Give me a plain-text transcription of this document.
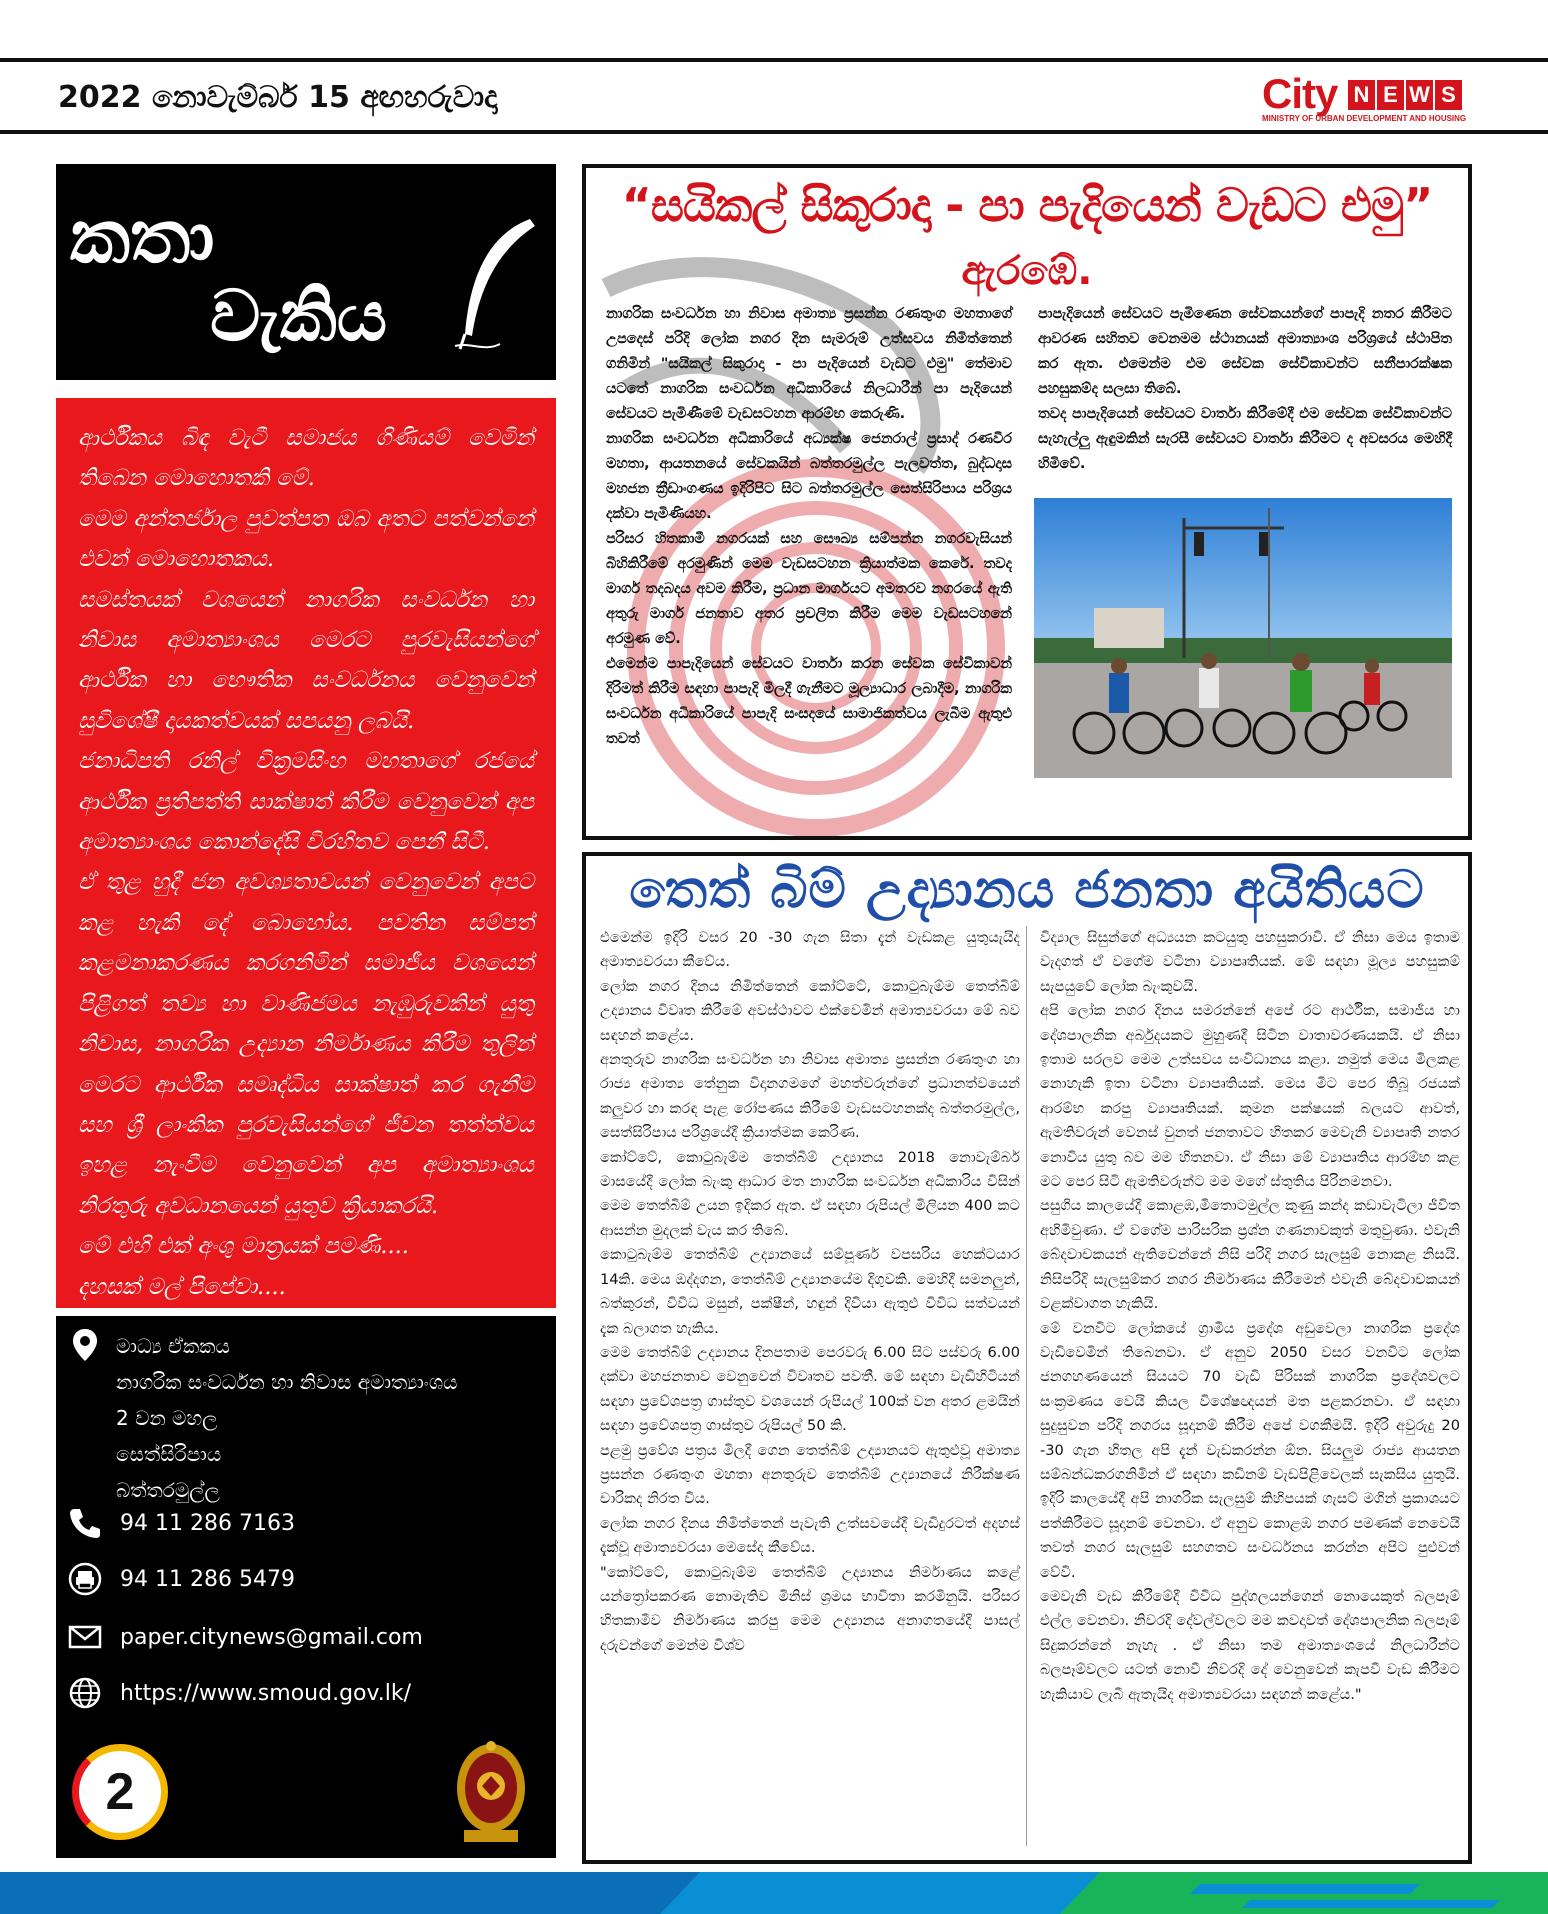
2022 නොවැම්බර් 15 අඟහරුවාදා	City N E W S
MINISTRY OF URBAN DEVELOPMENT AND HOUSING
කතා
වැකිය

ආර්ථිකය බිඳ වැටී සමාජය ගිණියම් වෙමින් තිබෙන මොහොතකි මේ.

මෙම අන්තර්ජාල පුවත්පත ඔබ අතට පත්වන්නේ එවන් මොහොතකය.

සමස්තයක් වශයෙන් නාගරික සංවර්ධන හා නිවාස අමාත්‍යාංශය මෙරට පුරවැසියන්ගේ ආර්ථික හා භෞතික සංවර්ධනය වෙනුවෙන් සුවිශේෂී දායකත්වයක් සපයනු ලබයි.

ජනාධිපති රනිල් වික්‍රමසිංහ මහතාගේ රජයේ ආර්ථික ප්‍රතිපත්ති සාක්ෂාත් කිරීම වෙනුවෙන් අප අමාත්‍යාංශය කොන්දේසි විරහිතව පෙනී සිටී.

ඒ තුළ හුදී ජන අවශ්‍යතාවයන් වෙනුවෙන් අපට කළ හැකි දේ බොහෝය. පවතින සම්පත් කළමනාකරණය කරගනිමින් සමාජීය වශයෙන් පිළිගත් තව්‍ය හා වාණිජමය නැඹුරුවකින් යුතු නිවාස, නාගරික උද්‍යාන නිර්මාණය කිරීම තුලින් මෙරට ආර්ථික සමෘද්ධිය සාක්ෂාත් කර ගැනීම සහ ශ්‍රී ලාංකික පුරවැසියන්ගේ ජීවන තත්ත්වය ඉහළ නැංවීම වෙනුවෙන් අප අමාත්‍යාංශය නිරතුරු අවධානයෙන් යුතුව ක්‍රියාකරයි.

මේ එහි එක් අංශු මාත්‍රයක් පමණි....

දහසක් මල් පිපේවා....

මාධ්‍ය ඒකකය
නාගරික සංවර්ධන හා නිවාස අමාත්‍යාංශය
2 වන මහල
සෙත්සිරිපාය
බත්තරමුල්ල
94 11 286 7163
94 11 286 5479
paper.citynews@gmail.com
https://www.smoud.gov.lk/
2
“සයිකල් සිකුරාදා - පා පැදියෙන් වැඩට එමු”
ඇරඹේ.

නාගරික සංවර්ධන හා නිවාස අමාත්‍ය ප්‍රසන්න රණතුංග මහතාගේ උපදෙස් පරිදි ලෝක නගර දින සැමරුම් උත්සවය නිමිත්තෙන් ගනිමින් "සයිකල් සිකුරාදා - පා පැදියෙන් වැඩට එමු" තේමාව යටතේ නාගරික සංවර්ධන අධිකාරියේ නිලධාරීන් පා පැදියෙන් සේවයට පැමිණීමේ වැඩසටහන ආරම්භ කෙරුණි.

නාගරික සංවර්ධන අධිකාරියේ අධ්‍යක්ෂ ජෙනරාල් ප්‍රසාද් රණවීර මහතා, ආයතනයේ සේවකයින් බත්තරමුල්ල පැලවත්ත, බුද්ධදාස මහජන ක්‍රීඩාංගණය ඉදිරිපිට සිට බත්තරමුල්ල සෙත්සිරිපාය පරිශ්‍රය දක්වා පැමිණියහ.

පරිසර හිතකාමී නගරයක් සහ සෞඛ්‍ය සම්පන්න නගරවැසියන් බිහිකිරීමේ අරමුණින් මෙම වැඩසටහන ක්‍රියාත්මක කෙරේ. තවද මාර්ග තදබදය අවම කිරීම, ප්‍රධාන මාර්ගයට අමතරව නගරයේ ඇති අතුරු මාර්ග ජනතාව අතර ප්‍රචලිත කිරීම මෙම වැඩසටහනේ අරමුණ වේ.

එමෙන්ම පාපැදියෙන් සේවයට වාර්තා කරන සේවක සේවිකාවන් දිරිමත් කිරීම සඳහා පාපැදි මිලදී ගැනීමට මූල්‍යාධාර ලබාදීම, නාගරික සංවර්ධන අධිකාරියේ පාපැදි සංසදයේ සාමාජිකත්වය ලැබීම ඇතුළු තවත්

පාපැදියෙන් සේවයට පැමිණෙන සේවකයන්ගේ පාපැදි නතර කිරීමට ආවරණ සහිතව වෙනමම ස්ථානයක් අමාත්‍යාංශ පරිශ්‍රයේ ස්ථාපිත කර ඇත. එමෙන්ම එම සේවක සේවිකාවන්ට සනීපාරක්ෂක පහසුකම්ද සලසා තිබේ.

තවද පාපැදියෙන් සේවයට වාර්තා කිරීමේදී එම සේවක සේවිකාවන්ට සැහැල්ලු ඇඳුමකින් සැරසී සේවයට වාර්තා කිරීමට ද අවසරය මෙහිදී හිමිවේ.

තෙත් බිම් උද්‍යානය ජනතා අයිතියට

එමෙන්ම ඉදිරි වසර 20 -30 ගැන සිතා දැන් වැඩකළ යුතුයැයිද අමාත්‍යවරයා කීවේය.

ලෝක නගර දිනය නිමිත්තෙන් කෝට්ටේ, කොටුබැම්ම තෙත්බිම් උද්‍යානය විවෘත කිරීමේ අවස්ථාවට එක්වෙමින් අමාත්‍යවරයා මේ බව සඳහන් කළේය.

අනතුරුව නාගරික සංවර්ධන හා නිවාස අමාත්‍ය ප්‍රසන්න රණතුංග හා රාජ්‍ය අමාත්‍ය තේනුක විදානගමගේ මහත්වරුන්ගේ ප්‍රධානත්වයෙන් කලුවර හා කරඳ පැළ රෝපණය කිරීමේ වැඩසටහනක්ද බත්තරමුල්ල, සෙත්සිරිපාය පරිශ්‍රයේදී ක්‍රියාත්මක කෙරිණ.

කෝට්ටේ, කොටුබැම්ම තෙත්බිම් උද්‍යානය 2018 නොවැම්බර් මාසයේදී ලෝක බැංකු ආධාර මත නාගරික සංවර්ධන අධිකාරිය විසින් මෙම තෙත්බිම් උයන ඉදිකර ඇත. ඒ සඳහා රුපියල් මිලියන 400 කට ආසන්න මුදලක් වැය කර තිබේ.

කොටුබැම්ම තෙත්බිම් උද්‍යානයේ සම්පූර්ණ වපසරිය හෙක්ටයාර 14කි. මෙය ඔද්දගන, තෙත්බිම් උද්‍යානයේම දිගුවකි. මෙහිදී සමනලුන්, බත්කුරන්, විවිධ මසුන්, පක්ෂීන්, හඳුන් දිවියා ඇතුළු විවිධ සත්වයන් දැක බලාගත හැකිය.

මෙම තෙත්බිම් උද්‍යානය දිනපතාම පෙරවරු 6.00 සිට පස්වරු 6.00 දක්වා මහජනතාව වෙනුවෙන් විවෘතව පවතී. මේ සඳහා වැඩිහිටියන් සඳහා ප්‍රවේශපත්‍ර ගාස්තුව වශයෙන් රුපියල් 100ක් වන අතර ළමයින් සඳහා ප්‍රවේශපත්‍ර ගාස්තුව රුපියල් 50 කි.

පළමු ප්‍රවේශ පත්‍රය මිලදී ගෙන තෙත්බිම් උද්‍යානයට ඇතුළුවූ අමාත්‍ය ප්‍රසන්න රණතුංග මහතා අනතුරුව තෙත්බිම් උද්‍යානයේ නිරීක්ෂණ චාරිකද නිරත විය.

ලෝක නගර දිනය නිමිත්තෙන් පැවැති උත්සවයේදී වැඩිදුරටත් අදහස් දැක්වූ අමාත්‍යවරයා මෙසේද කීවේය.

"කෝට්ටේ, කොටුබැම්ම තෙත්බිම් උද්‍යානය නිර්මාණය කළේ යන්ත්‍රෝපකරණ නොමැතිව මිනිස් ශ්‍රමය භාවිතා කරමිනුයි. පරිසර හිතකාමීව නිර්මාණය කරපු මෙම උද්‍යානය අනාගතයේදී පාසල් දරුවන්ගේ මෙන්ම විශ්ව

විද්‍යාල සිසුන්ගේ අධ්‍යයන කටයුතු පහසුකරාවි. ඒ නිසා මෙය ඉතාම වැදගත් ඒ වගේම වටිනා ව්‍යාපෘතියක්. මේ සඳහා මූල්‍ය පහසුකම් සැපයුවේ ලෝක බැංකුවයි.

අපි ලෝක නගර දිනය සමරන්නේ අපේ රට ආර්ථික, සමාජීය හා දේශපාලනික අර්බුදයකට මුහුණදී සිටින වාතාවරණයකයි. ඒ නිසා ඉතාම සරලව මෙම උත්සවය සංවිධානය කළා. නමුත් මෙය මිලකළ නොහැකි ඉතා වටිනා ව්‍යාපෘතියක්. මෙය මීට පෙර තිබූ රජයක් ආරම්භ කරපු ව්‍යාපෘතියක්. කුමන පක්ෂයක් බලයට ආවත්, ඇමතිවරුන් වෙනස් වුනත් ජනතාවට හිතකර මෙවැනි ව්‍යාපෘති නතර නොවිය යුතු බව මම හිතනවා. ඒ නිසා මේ ව්‍යාපෘතිය ආරම්භ කළ මට පෙර සිටි ඇමතිවරුන්ට මම මගේ ස්තුතිය පිරිනමනවා.

පසුගිය කාලයේදී කොළඹ,මීතොටමුල්ල කුණු කන්ද කඩාවැටිලා ජීවිත අහිමිවුණා. ඒ වගේම පාරිසරික ප්‍රශ්න ගණනාවකුත් මතුවුණා. එවැනි බේදවාචකයන් ඇතිවෙන්නේ නිසි පරිදි නගර සැලසුම් නොකළ නිසයි. නිසිපරිදි සැලසුම්කර නගර නිර්මාණය කිරීමෙන් එවැනි බේදවාචකයන් වළක්වාගත හැකියි.

මේ වනවිට ලෝකයේ ග්‍රාමීය ප්‍රදේශ අඩුවෙලා නාගරික ප්‍රදේශ වැඩිවෙමින් තිබෙනවා. ඒ අනුව 2050 වසර වනවිට ලෝක ජනගහණයෙන් සියයට 70 වැඩි පිරිසක් නාගරික ප්‍රදේශවලට සංක්‍රමණය වෙයි කියල විශේෂඥයන් මත පළකරනවා. ඒ සඳහා සුදුසුවන පරිදි නගරය සූදානම් කිරීම අපේ වගකීමයි. ඉදිරි අවුරුදු 20 -30 ගැන හිතල අපි දැන් වැඩකරන්න ඕන. සියලුම රාජ්‍ය ආයතන සම්බන්ධකරගනිමින් ඒ සඳහා කඩිනම් වැඩපිළිවෙලක් සැකසිය යුතුයි. ඉදිරි කාලයේදී අපි නාගරික සැලසුම් කිහිපයක් ගැසට් මගින් ප්‍රකාශයට පත්කිරීමට සූදානම් වෙනවා. ඒ අනුව කොළඹ නගර පමණක් නෙවෙයි තවත් නගර සැලසුම් සහගතව සංවර්ධනය කරන්න අපිට පුළුවන් වේවි.

මෙවැනි වැඩ කිරීමේදී විවිධ පුද්ගලයන්ගෙන් නොයෙකුත් බලපෑම් එල්ල වෙනවා. නිවරදි දේවල්වලට මම කවදාවත් දේශපාලනික බලපෑම් සිදුකරන්නේ නැහැ . ඒ නිසා තම අමාත්‍යංශයේ නිලධාරීන්ට බලපෑම්වලට යටත් නොවී නිවරදි දේ වෙනුවෙන් කැපවී වැඩ කිරීමට හැකියාව ලැබී ඇතැයිද අමාත්‍යවරයා සඳහන් කළේය."
